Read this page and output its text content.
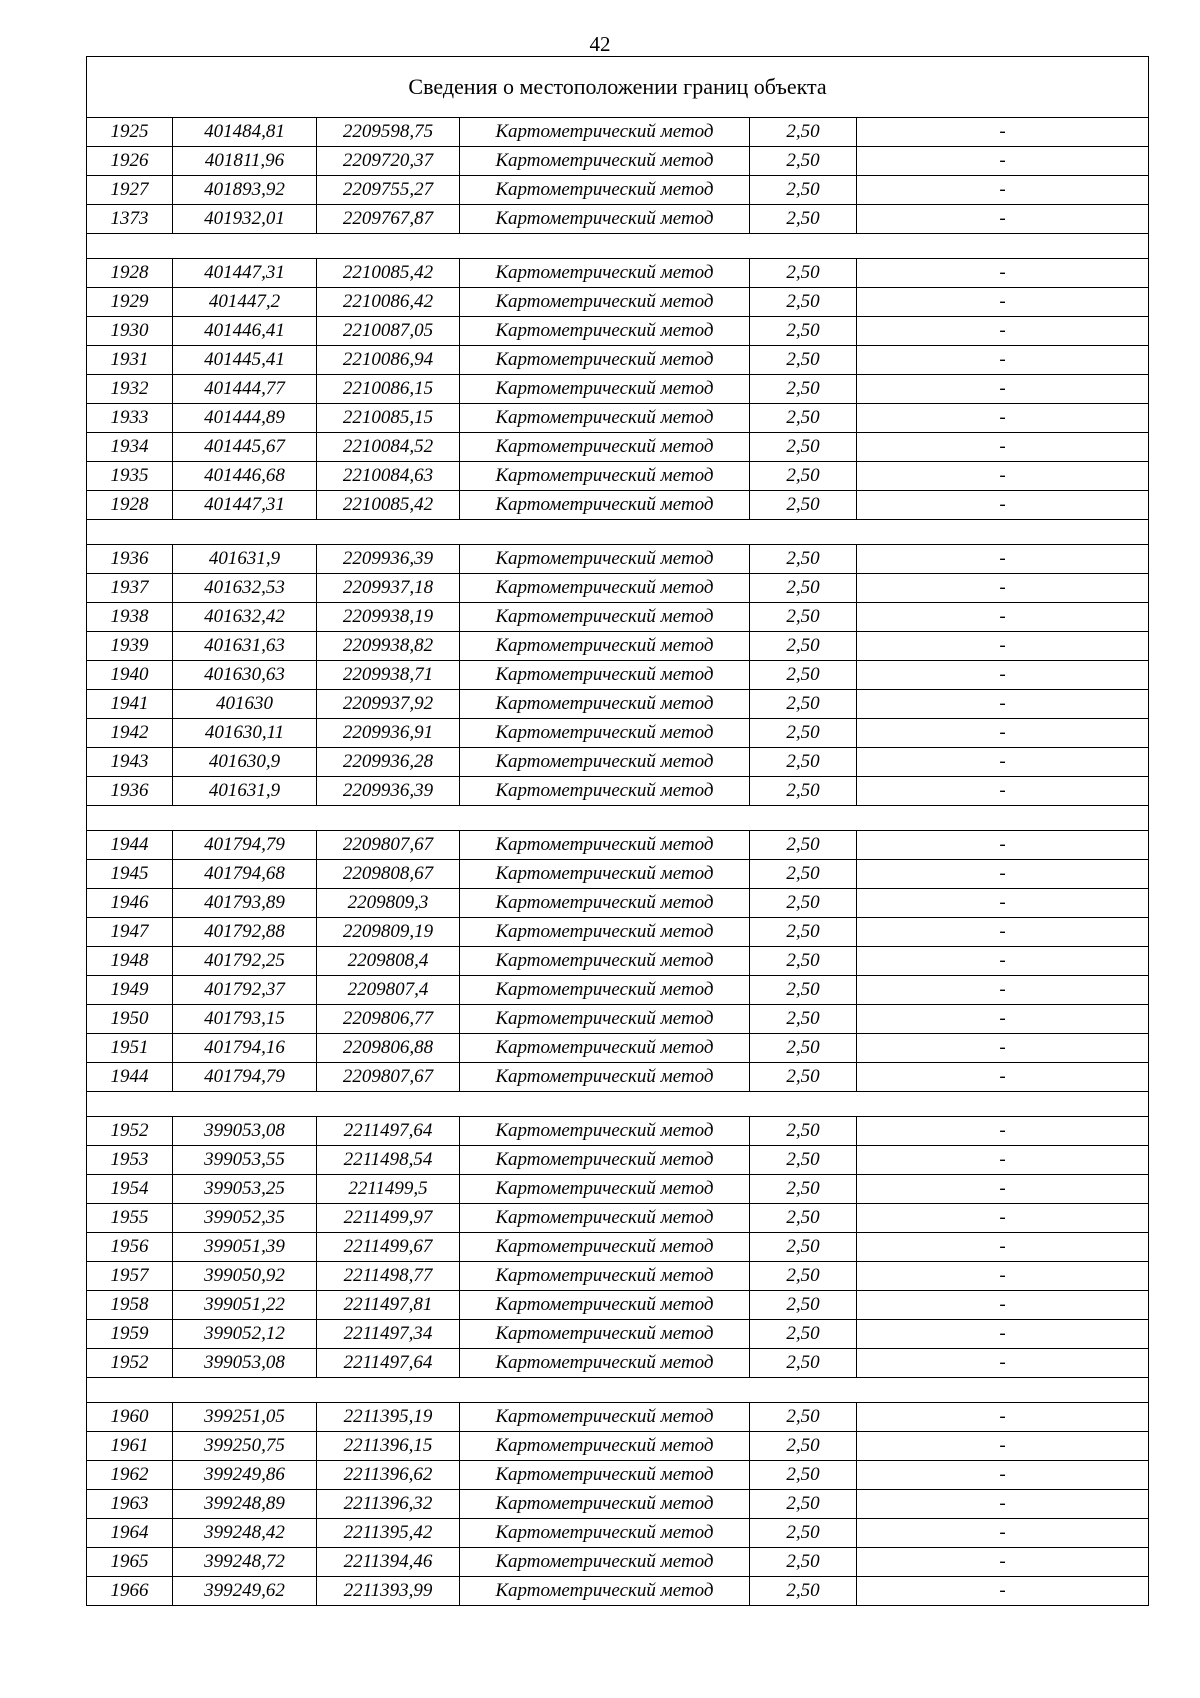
42
Сведения о местоположении границ объекта					
1925	401484,81	2209598,75	Картометрический метод	2,50	-
1926	401811,96	2209720,37	Картометрический метод	2,50	-
1927	401893,92	2209755,27	Картометрический метод	2,50	-
1373	401932,01	2209767,87	Картометрический метод	2,50	-

1928	401447,31	2210085,42	Картометрический метод	2,50	-
1929	401447,2	2210086,42	Картометрический метод	2,50	-
1930	401446,41	2210087,05	Картометрический метод	2,50	-
1931	401445,41	2210086,94	Картометрический метод	2,50	-
1932	401444,77	2210086,15	Картометрический метод	2,50	-
1933	401444,89	2210085,15	Картометрический метод	2,50	-
1934	401445,67	2210084,52	Картометрический метод	2,50	-
1935	401446,68	2210084,63	Картометрический метод	2,50	-
1928	401447,31	2210085,42	Картометрический метод	2,50	-

1936	401631,9	2209936,39	Картометрический метод	2,50	-
1937	401632,53	2209937,18	Картометрический метод	2,50	-
1938	401632,42	2209938,19	Картометрический метод	2,50	-
1939	401631,63	2209938,82	Картометрический метод	2,50	-
1940	401630,63	2209938,71	Картометрический метод	2,50	-
1941	401630	2209937,92	Картометрический метод	2,50	-
1942	401630,11	2209936,91	Картометрический метод	2,50	-
1943	401630,9	2209936,28	Картометрический метод	2,50	-
1936	401631,9	2209936,39	Картометрический метод	2,50	-

1944	401794,79	2209807,67	Картометрический метод	2,50	-
1945	401794,68	2209808,67	Картометрический метод	2,50	-
1946	401793,89	2209809,3	Картометрический метод	2,50	-
1947	401792,88	2209809,19	Картометрический метод	2,50	-
1948	401792,25	2209808,4	Картометрический метод	2,50	-
1949	401792,37	2209807,4	Картометрический метод	2,50	-
1950	401793,15	2209806,77	Картометрический метод	2,50	-
1951	401794,16	2209806,88	Картометрический метод	2,50	-
1944	401794,79	2209807,67	Картометрический метод	2,50	-

1952	399053,08	2211497,64	Картометрический метод	2,50	-
1953	399053,55	2211498,54	Картометрический метод	2,50	-
1954	399053,25	2211499,5	Картометрический метод	2,50	-
1955	399052,35	2211499,97	Картометрический метод	2,50	-
1956	399051,39	2211499,67	Картометрический метод	2,50	-
1957	399050,92	2211498,77	Картометрический метод	2,50	-
1958	399051,22	2211497,81	Картометрический метод	2,50	-
1959	399052,12	2211497,34	Картометрический метод	2,50	-
1952	399053,08	2211497,64	Картометрический метод	2,50	-

1960	399251,05	2211395,19	Картометрический метод	2,50	-
1961	399250,75	2211396,15	Картометрический метод	2,50	-
1962	399249,86	2211396,62	Картометрический метод	2,50	-
1963	399248,89	2211396,32	Картометрический метод	2,50	-
1964	399248,42	2211395,42	Картометрический метод	2,50	-
1965	399248,72	2211394,46	Картометрический метод	2,50	-
1966	399249,62	2211393,99	Картометрический метод	2,50	-
